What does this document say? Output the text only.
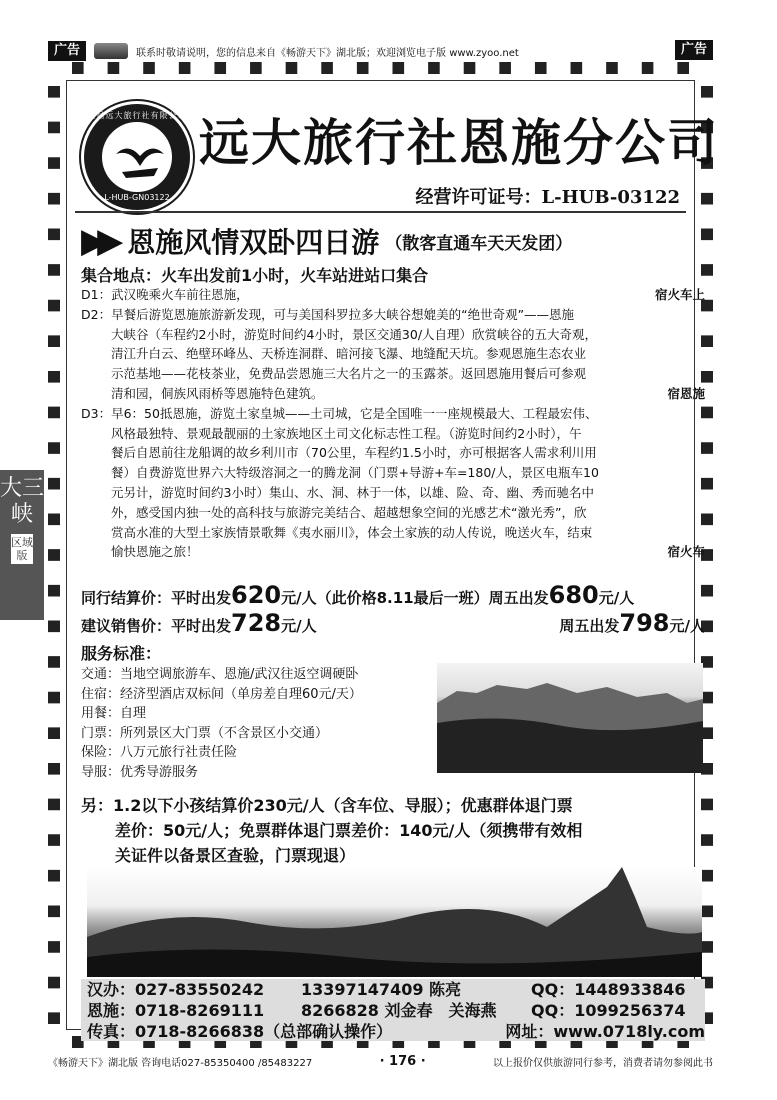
广告	联系时敬请说明，您的信息来自《畅游天下》湖北版；欢迎浏览电子版 www.zyoo.net	广告
大三峡
区域版
宜昌远大旅行社有限公司
L-HUB-GN03122
远大旅行社恩施分公司
经营许可证号：L-HUB-03122
▶▶ 恩施风情双卧四日游 （散客直通车天天发团）
集合地点：火车出发前1小时，火车站进站口集合

D1：武汉晚乘火车前往恩施，	宿火车上

D2：早餐后游览恩施旅游新发现，可与美国科罗拉多大峡谷想媲美的“绝世奇观”——恩施

大峡谷（车程约2小时，游览时间约4小时，景区交通30/人自理）欣赏峡谷的五大奇观，

清江升白云、绝壁环峰丛、天桥连洞群、暗河接飞瀑、地缝配天坑。参观恩施生态农业

示范基地——花枝茶业，免费品尝恩施三大名片之一的玉露茶。返回恩施用餐后可参观

清和园，侗族风雨桥等恩施特色建筑。	宿恩施

D3：早6：50抵恩施，游览土家皇城——土司城，它是全国唯一一座规模最大、工程最宏伟、

风格最独特、景观最靓丽的土家族地区土司文化标志性工程。（游览时间约2小时），午

餐后自恩前往龙船调的故乡利川市（70公里，车程约1.5小时，亦可根据客人需求利川用

餐）自费游览世界六大特级溶洞之一的腾龙洞（门票+导游+车=180/人，景区电瓶车10

元另计，游览时间约3小时）集山、水、洞、林于一体，以雄、险、奇、幽、秀而驰名中

外，感受国内独一处的高科技与旅游完美结合、超越想象空间的光感艺术“激光秀”，欣

赏高水准的大型土家族情景歌舞《夷水丽川》，体会土家族的动人传说，晚送火车，结束

愉快恩施之旅！	宿火车
同行结算价：平时出发620元/人（此价格8.11最后一班）周五出发680元/人
建议销售价：平时出发728元/人	周五出发798元/人
服务标准：
交通：当地空调旅游车、恩施/武汉往返空调硬卧
住宿：经济型酒店双标间（单房差自理60元/天）
用餐：自理
门票：所列景区大门票（不含景区小交通）
保险：八万元旅行社责任险
导服：优秀导游服务

另：1.2以下小孩结算价230元/人（含车位、导服）；优惠群体退门票

差价：50元/人；免票群体退门票差价：140元/人（须携带有效相

关证件以备景区查验，门票现退）

汉办：027-83550242	13397147409 陈亮	QQ：1448933846
恩施：0718-8269111	8266828 刘金春　关海燕	QQ：1099256374
传真：0718-8266838（总部确认操作）	网址：www.0718ly.com
《畅游天下》湖北版 咨询电话027-85350400 /85483227	· 176 ·	以上报价仅供旅游同行参考，消费者请勿参阅此书
